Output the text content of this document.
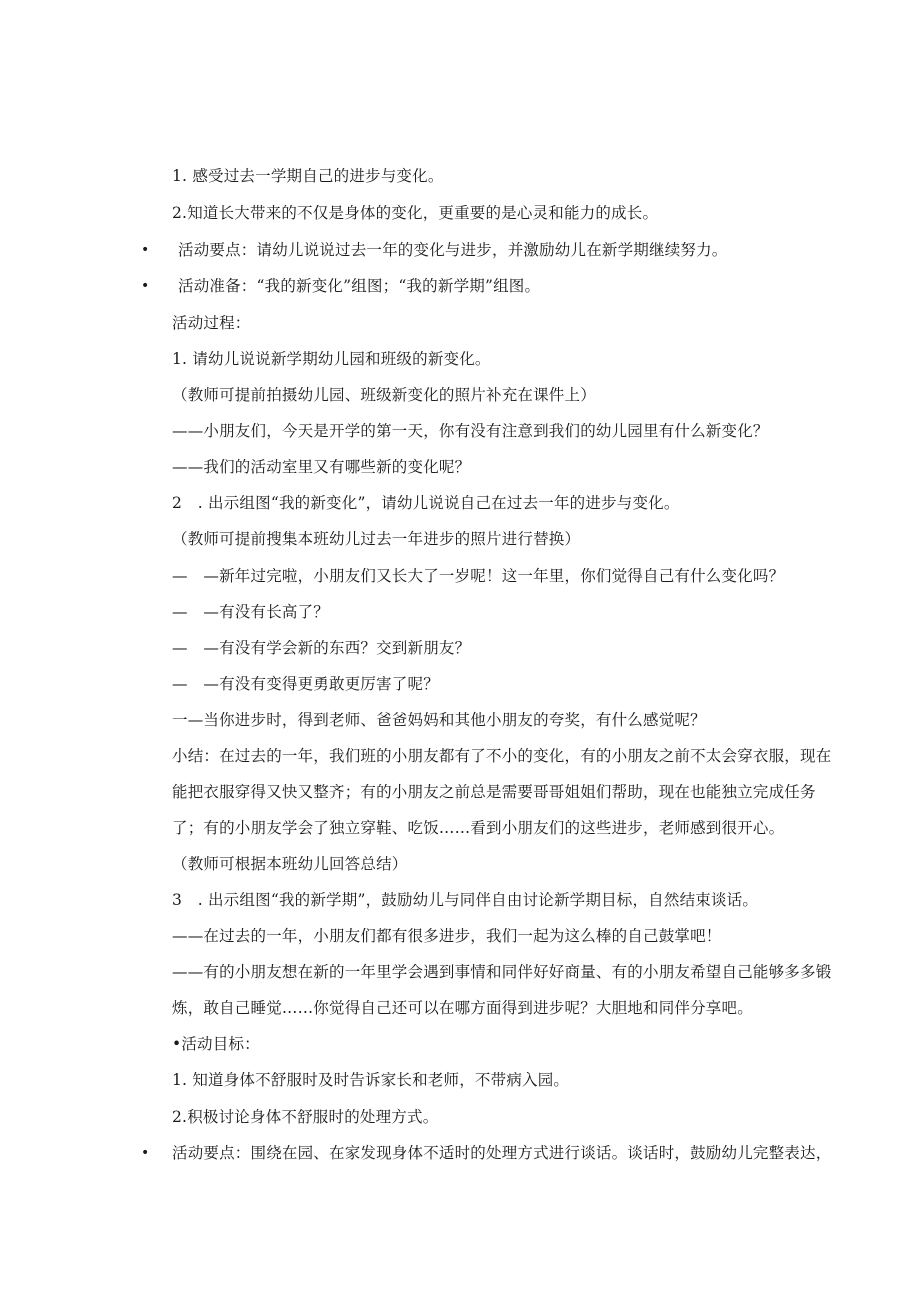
1. 感受过去一学期自己的进步与变化。
2.知道长大带来的不仅是身体的变化，更重要的是心灵和能力的成长。
• 活动要点：请幼儿说说过去一年的变化与进步，并激励幼儿在新学期继续努力。
• 活动准备：“我的新变化”组图；“我的新学期”组图。
活动过程：
1. 请幼儿说说新学期幼儿园和班级的新变化。
（教师可提前拍摄幼儿园、班级新变化的照片补充在课件上）
——小朋友们，今天是开学的第一天，你有没有注意到我们的幼儿园里有什么新变化？
——我们的活动室里又有哪些新的变化呢？
2　. 出示组图“我的新变化”，请幼儿说说自己在过去一年的进步与变化。
（教师可提前搜集本班幼儿过去一年进步的照片进行替换）
—　—新年过完啦，小朋友们又长大了一岁呢！这一年里，你们觉得自己有什么变化吗？
—　—有没有长高了？
—　—有没有学会新的东西？交到新朋友？
—　—有没有变得更勇敢更厉害了呢？
一—当你进步时，得到老师、爸爸妈妈和其他小朋友的夸奖，有什么感觉呢？
小结：在过去的一年，我们班的小朋友都有了不小的变化，有的小朋友之前不太会穿衣服，现在
能把衣服穿得又快又整齐；有的小朋友之前总是需要哥哥姐姐们帮助，现在也能独立完成任务
了；有的小朋友学会了独立穿鞋、吃饭……看到小朋友们的这些进步，老师感到很开心。
（教师可根据本班幼儿回答总结）
3　. 出示组图“我的新学期”，鼓励幼儿与同伴自由讨论新学期目标，自然结束谈话。
——在过去的一年，小朋友们都有很多进步，我们一起为这么棒的自己鼓掌吧！
——有的小朋友想在新的一年里学会遇到事情和同伴好好商量、有的小朋友希望自己能够多多锻
炼，敢自己睡觉……你觉得自己还可以在哪方面得到进步呢？大胆地和同伴分享吧。
•活动目标：
1. 知道身体不舒服时及时告诉家长和老师，不带病入园。
2.积极讨论身体不舒服时的处理方式。
• 活动要点：围绕在园、在家发现身体不适时的处理方式进行谈话。谈话时，鼓励幼儿完整表达，
